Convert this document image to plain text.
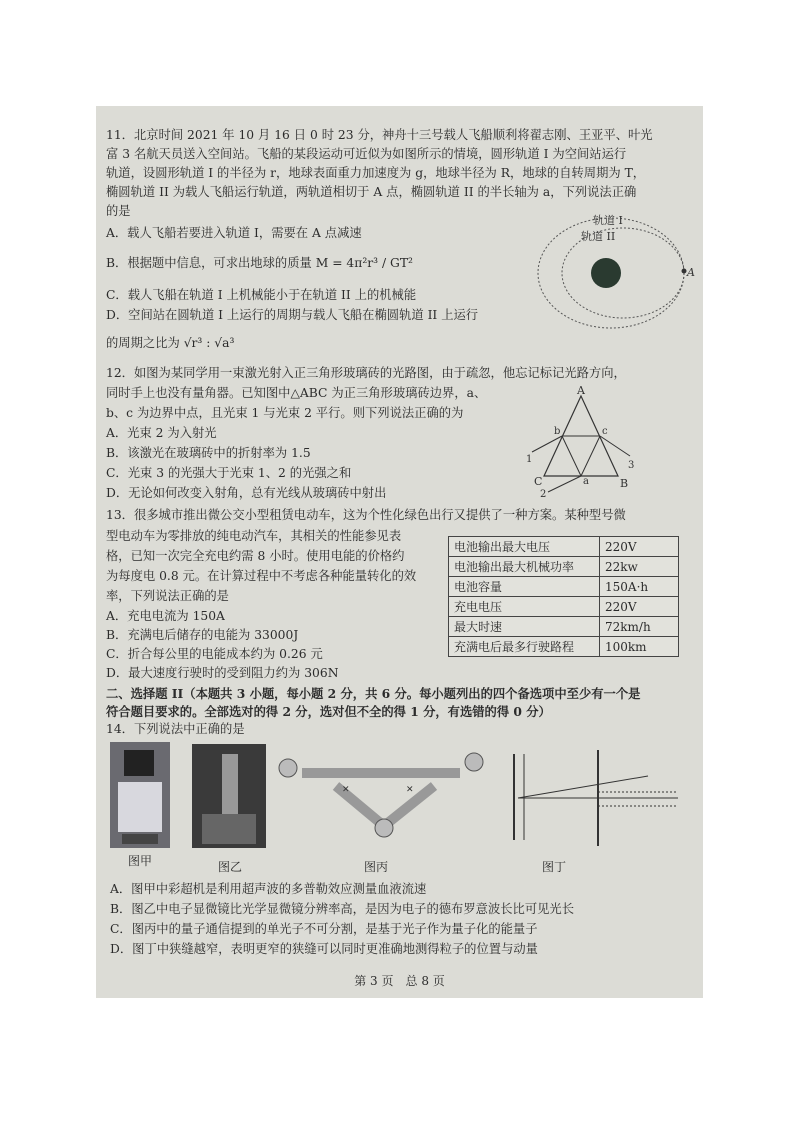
11．北京时间 2021 年 10 月 16 日 0 时 23 分，神舟十三号载人飞船顺利将翟志刚、王亚平、叶光
富 3 名航天员送入空间站。飞船的某段运动可近似为如图所示的情境，圆形轨道 I 为空间站运行
轨道，设圆形轨道 I 的半径为 r，地球表面重力加速度为 g，地球半径为 R，地球的自转周期为 T，
椭圆轨道 II 为载人飞船运行轨道，两轨道相切于 A 点，椭圆轨道 II 的半长轴为 a，下列说法正确
的是
A．载人飞船若要进入轨道 I，需要在 A 点减速
B．根据题中信息，可求出地球的质量 M = 4π²r³ / GT²
C．载人飞船在轨道 I 上机械能小于在轨道 II 上的机械能
D．空间站在圆轨道 I 上运行的周期与载人飞船在椭圆轨道 II 上运行
的周期之比为 √r³ : √a³
轨道 I
轨道 II
A
12．如图为某同学用一束激光射入正三角形玻璃砖的光路图，由于疏忽，他忘记标记光路方向，
同时手上也没有量角器。已知图中△ABC 为正三角形玻璃砖边界，a、
b、c 为边界中点，且光束 1 与光束 2 平行。则下列说法正确的为
A．光束 2 为入射光
B．该激光在玻璃砖中的折射率为 1.5
C．光束 3 的光强大于光束 1、2 的光强之和
D．无论如何改变入射角，总有光线从玻璃砖中射出
A
B
C	a
b	c
1
2
3
13．很多城市推出微公交小型租赁电动车，这为个性化绿色出行又提供了一种方案。某种型号微
型电动车为零排放的纯电动汽车，其相关的性能参见表
格，已知一次完全充电约需 8 小时。使用电能的价格约
为每度电 0.8 元。在计算过程中不考虑各种能量转化的效
率，下列说法正确的是
A．充电电流为 150A
B．充满电后储存的电能为 33000J
C．折合每公里的电能成本约为 0.26 元
D．最大速度行驶时的受到阻力约为 306N
电池输出最大电压	220V
电池输出最大机械功率	22kw
电池容量	150A·h
充电电压	220V
最大时速	72km/h
充满电后最多行驶路程	100km
二、选择题 II（本题共 3 小题，每小题 2 分，共 6 分。每小题列出的四个备选项中至少有一个是
符合题目要求的。全部选对的得 2 分，选对但不全的得 1 分，有选错的得 0 分）
14．下列说法中正确的是
✕	✕
图甲	图乙	图丙	图丁
A．图甲中彩超机是利用超声波的多普勒效应测量血液流速
B．图乙中电子显微镜比光学显微镜分辨率高，是因为电子的德布罗意波长比可见光长
C．图丙中的量子通信提到的单光子不可分割，是基于光子作为量子化的能量子
D．图丁中狭缝越窄，表明更窄的狭缝可以同时更准确地测得粒子的位置与动量
第 3 页　总 8 页
